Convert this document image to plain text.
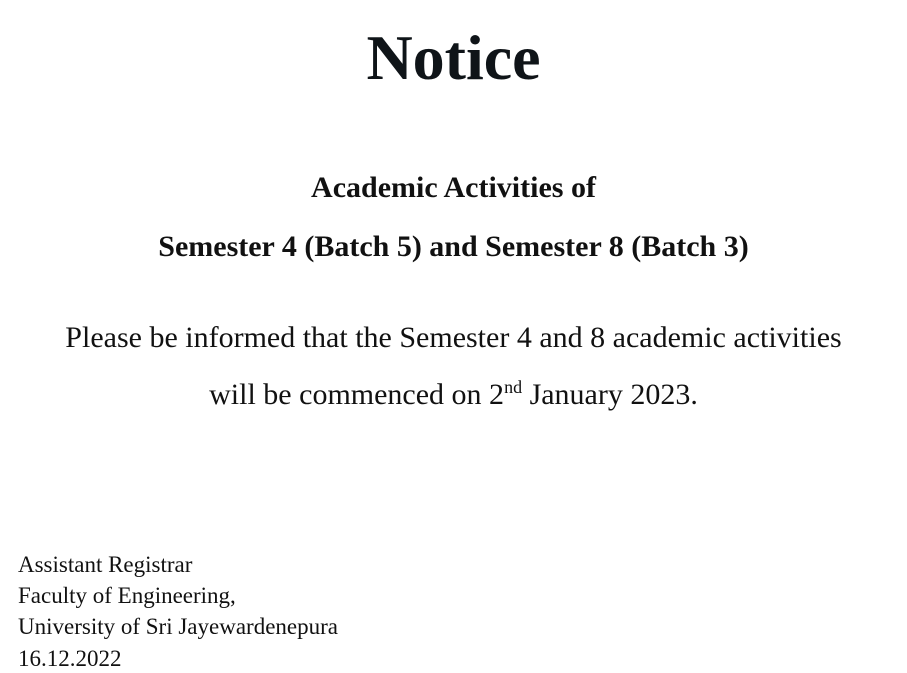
Notice
Academic Activities of
Semester 4 (Batch 5) and Semester 8 (Batch 3)
Please be informed that the Semester 4 and 8 academic activities
will be commenced on 2nd January 2023.
Assistant Registrar
Faculty of Engineering,
University of Sri Jayewardenepura
16.12.2022
